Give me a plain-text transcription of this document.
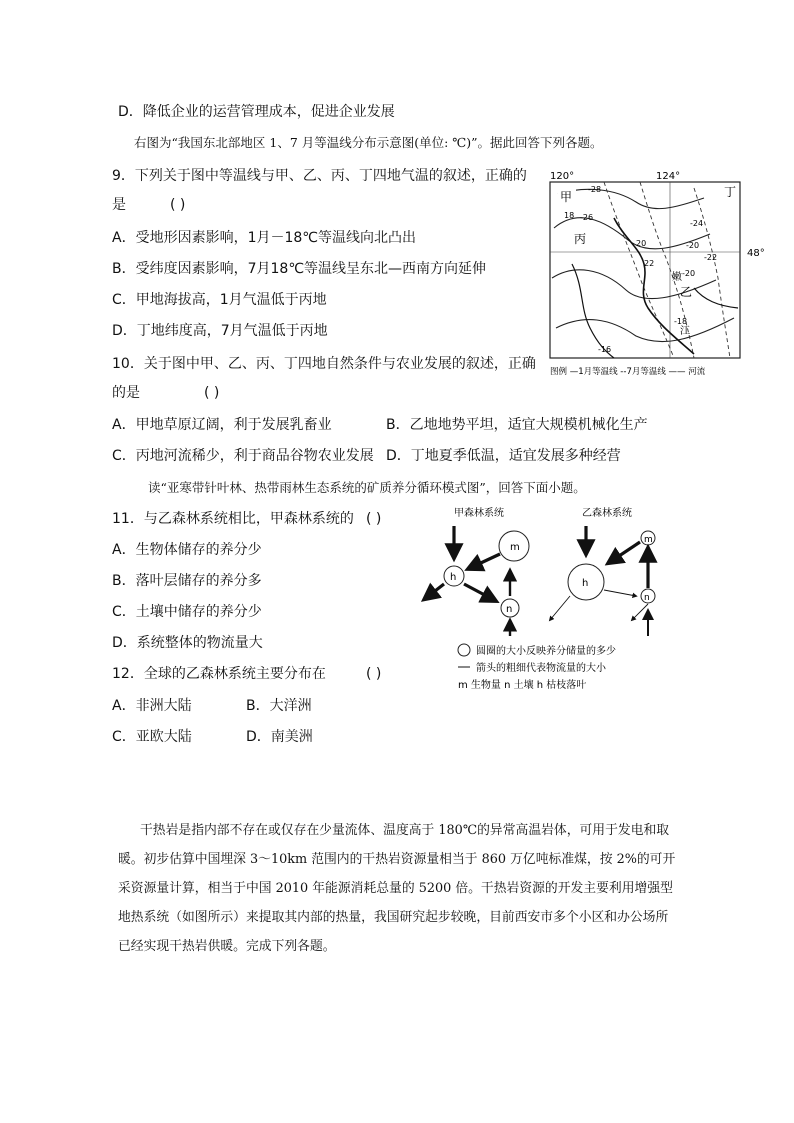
D．降低企业的运营管理成本，促进企业发展
右图为“我国东北部地区 1、7 月等温线分布示意图(单位: ℃)”。据此回答下列各题。
9．下列关于图中等温线与甲、乙、丙、丁四地气温的叙述，正确的
是	( )
A．受地形因素影响，1月－18℃等温线向北凸出
B．受纬度因素影响，7月18℃等温线呈东北—西南方向延伸
C．甲地海拔高，1月气温低于丙地
D．丁地纬度高，7月气温低于丙地
10．关于图中甲、乙、丙、丁四地自然条件与农业发展的叙述，正确
的是	( )
A．甲地草原辽阔，利于发展乳畜业	B．乙地地势平坦，适宜大规模机械化生产
C．丙地河流稀少，利于商品谷物农业发展 D．丁地夏季低温，适宜发展多种经营
读“亚寒带针叶林、热带雨林生态系统的矿质养分循环模式图”，回答下面小题。
11．与乙森林系统相比，甲森林系统的 ( )
A．生物体储存的养分少
B．落叶层储存的养分多
C．土壤中储存的养分少
D．系统整体的物流量大
12．全球的乙森林系统主要分布在	( )
A．非洲大陆	B．大洋洲
C．亚欧大陆	D．南美洲
干热岩是指内部不存在或仅存在少量流体、温度高于 180℃的异常高温岩体，可用于发电和取暖。初步估算中国埋深 3～10km 范围内的干热岩资源量相当于 860 万亿吨标准煤，按 2%的可开采资源量计算，相当于中国 2010 年能源消耗总量的 5200 倍。干热岩资源的开发主要利用增强型地热系统（如图所示）来提取其内部的热量，我国研究起步较晚，目前西安市多个小区和办公场所已经实现干热岩供暖。完成下列各题。
120°	124°
48°
甲
乙
丙
丁
嫩
江
-28
18 -26
20
22
-24
-22
-20
-20
-18
-16
图例 —1月等温线 ‐‐7月等温线 —— 河流
甲森林系统	乙森林系统
m
h
n
m
h
n
圆圈的大小反映养分储量的多少
箭头的粗细代表物流量的大小
m 生物量 n 土壤 h 枯枝落叶
